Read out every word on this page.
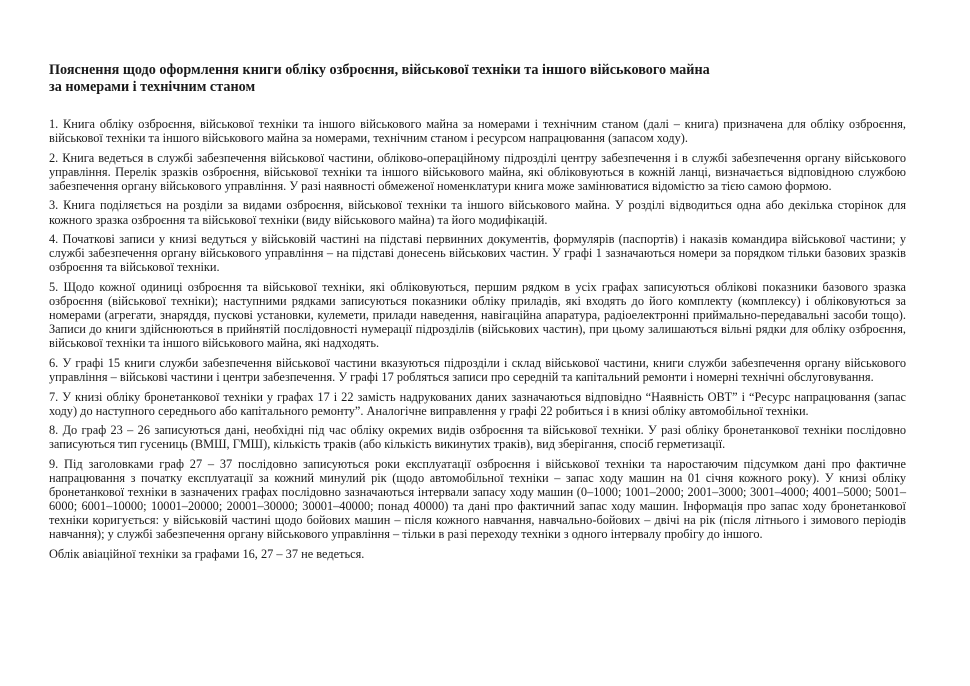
Пояснення щодо оформлення книги обліку озброєння, військової техніки та іншого військового майна
за номерами і технічним станом

1. Книга обліку озброєння, військової техніки та іншого військового майна за номерами і технічним станом (далі – книга) призначена для обліку озброєння, військової техніки та іншого військового майна за номерами, технічним станом і ресурсом напрацювання (запасом ходу).

2. Книга ведеться в службі забезпечення військової частини, обліково-операційному підрозділі центру забезпечення і в службі забезпечення органу військового управління. Перелік зразків озброєння, військової техніки та іншого військового майна, які обліковуються в кожній ланці, визначається відповідною службою забезпечення органу військового управління. У разі наявності обмеженої номенклатури книга може замінюватися відомістю за тією самою формою.

3. Книга поділяється на розділи за видами озброєння, військової техніки та іншого військового майна. У розділі відводиться одна або декілька сторінок для кожного зразка озброєння та військової техніки (виду військового майна) та його модифікацій.

4. Початкові записи у книзі ведуться у військовій частині на підставі первинних документів, формулярів (паспортів) і наказів командира військової частини; у службі забезпечення органу військового управління – на підставі донесень військових частин. У графі 1 зазначаються номери за порядком тільки базових зразків озброєння та військової техніки.

5. Щодо кожної одиниці озброєння та військової техніки, які обліковуються, першим рядком в усіх графах записуються облікові показники базового зразка озброєння (військової техніки); наступними рядками записуються показники обліку приладів, які входять до його комплекту (комплексу) і обліковуються за номерами (агрегати, знаряддя, пускові установки, кулемети, прилади наведення, навігаційна апаратура, радіоелектронні приймально-передавальні засоби тощо). Записи до книги здійснюються в прийнятій послідовності нумерації підрозділів (військових частин), при цьому залишаються вільні рядки для обліку озброєння, військової техніки та іншого військового майна, які надходять.

6. У графі 15 книги служби забезпечення військової частини вказуються підрозділи і склад військової частини, книги служби забезпечення органу військового управління – військові частини і центри забезпечення. У графі 17 робляться записи про середній та капітальний ремонти і номерні технічні обслуговування.

7. У книзі обліку бронетанкової техніки у графах 17 і 22 замість надрукованих даних зазначаються відповідно “Наявність ОВТ” і “Ресурс напрацювання (запас ходу) до наступного середнього або капітального ремонту”. Аналогічне виправлення у графі 22 робиться і в книзі обліку автомобільної техніки.

8. До граф 23 – 26 записуються дані, необхідні під час обліку окремих видів озброєння та військової техніки. У разі обліку бронетанкової техніки послідовно записуються тип гусениць (ВМШ, ГМШ), кількість траків (або кількість викинутих траків), вид зберігання, спосіб герметизації.

9. Під заголовками граф 27 – 37 послідовно записуються роки експлуатації озброєння і військової техніки та наростаючим підсумком дані про фактичне напрацювання з початку експлуатації за кожний минулий рік (щодо автомобільної техніки – запас ходу машин на 01 січня кожного року). У книзі обліку бронетанкової техніки в зазначених графах послідовно зазначаються інтервали запасу ходу машин (0–1000; 1001–2000; 2001–3000; 3001–4000; 4001–5000; 5001–6000; 6001–10000; 10001–20000; 20001–30000; 30001–40000; понад 40000) та дані про фактичний запас ходу машин. Інформація про запас ходу бронетанкової техніки коригується: у військовій частині щодо бойових машин – після кожного навчання, навчально-бойових – двічі на рік (після літнього і зимового періодів навчання); у службі забезпечення органу військового управління – тільки в разі переходу техніки з одного інтервалу пробігу до іншого.

Облік авіаційної техніки за графами 16, 27 – 37 не ведеться.
